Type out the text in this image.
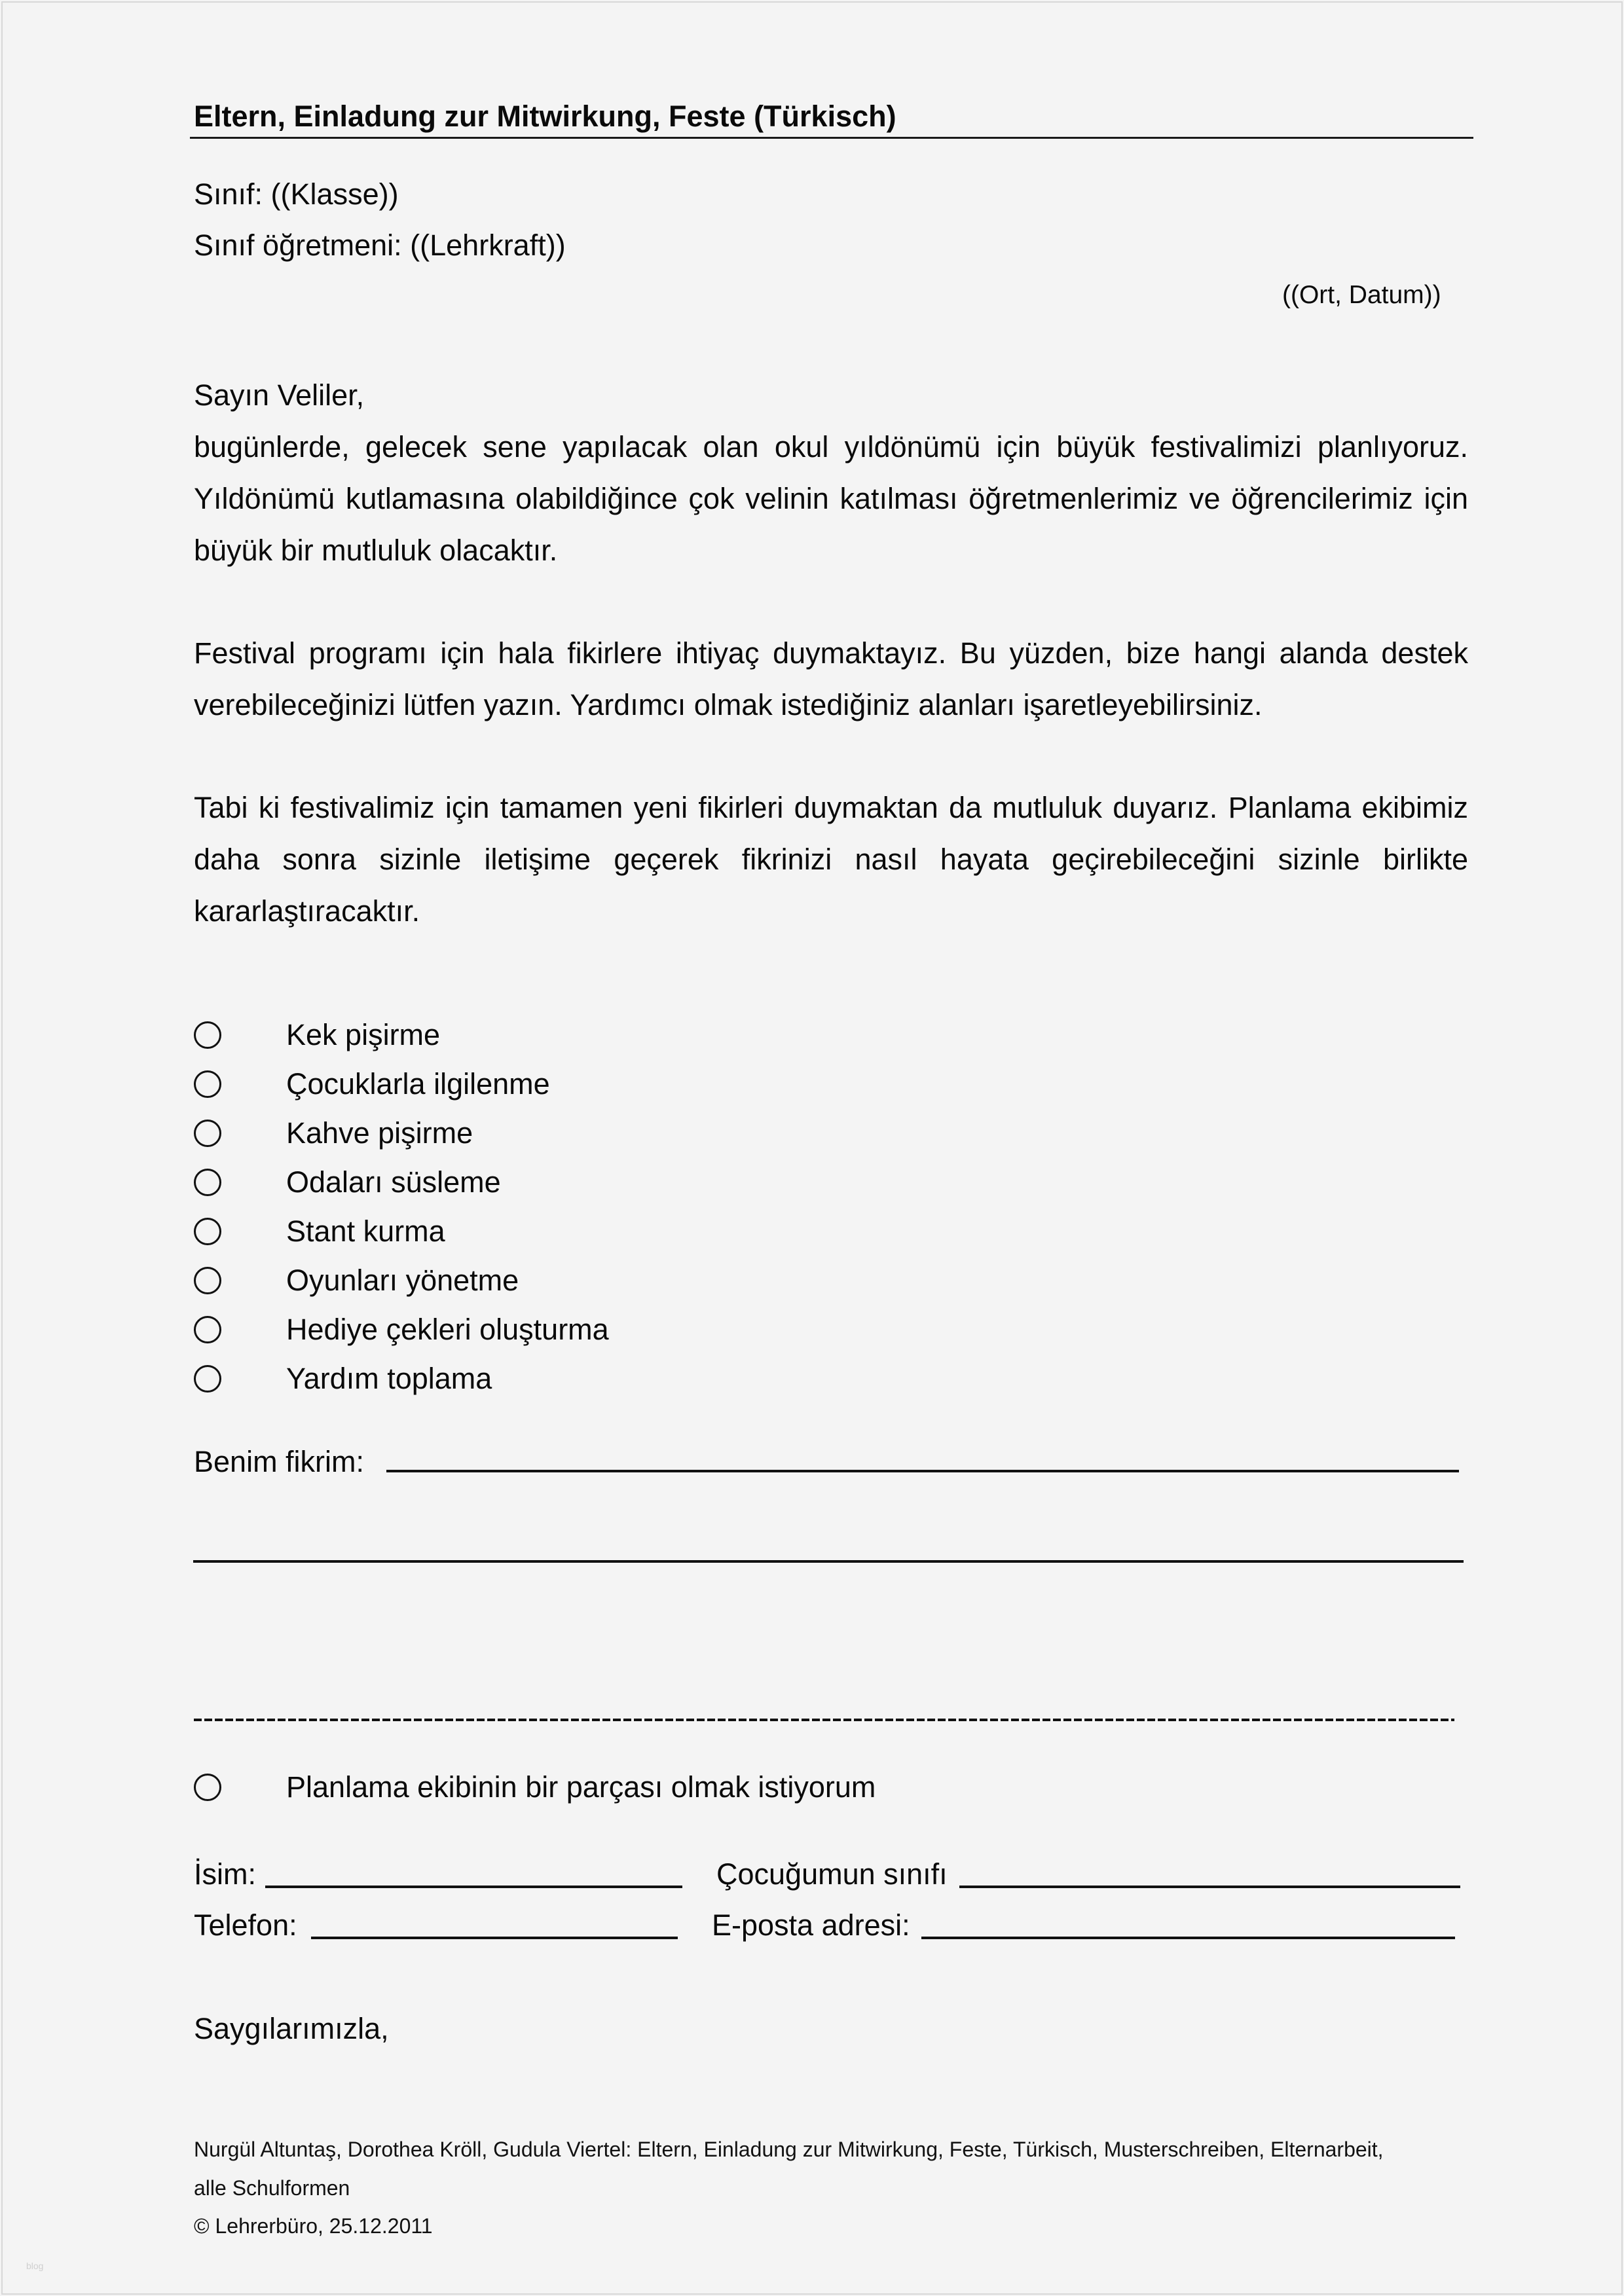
Eltern, Einladung zur Mitwirkung, Feste (Türkisch)
Sınıf: ((Klasse))
Sınıf öğretmeni: ((Lehrkraft))
((Ort, Datum))
Sayın Veliler,
bugünlerde, gelecek sene yapılacak olan okul yıldönümü için büyük festivalimizi planlıyoruz.
Yıldönümü kutlamasına olabildiğince çok velinin katılması öğretmenlerimiz ve öğrencilerimiz için
büyük bir mutluluk olacaktır.
Festival programı için hala fikirlere ihtiyaç duymaktayız. Bu yüzden, bize hangi alanda destek
verebileceğinizi lütfen yazın. Yardımcı olmak istediğiniz alanları işaretleyebilirsiniz.
Tabi ki festivalimiz için tamamen yeni fikirleri duymaktan da mutluluk duyarız. Planlama ekibimiz
daha sonra sizinle iletişime geçerek fikrinizi nasıl hayata geçirebileceğini sizinle birlikte
kararlaştıracaktır.
Kek pişirme
Çocuklarla ilgilenme
Kahve pişirme
Odaları süsleme
Stant kurma
Oyunları yönetme
Hediye çekleri oluşturma
Yardım toplama
Benim fikrim:
Planlama ekibinin bir parçası olmak istiyorum
İsim:	Çocuğumun sınıfı
Telefon:	E-posta adresi:
Saygılarımızla,
Nurgül Altuntaş, Dorothea Kröll, Gudula Viertel: Eltern, Einladung zur Mitwirkung, Feste, Türkisch, Musterschreiben, Elternarbeit,
alle Schulformen
© Lehrerbüro, 25.12.2011
blog
